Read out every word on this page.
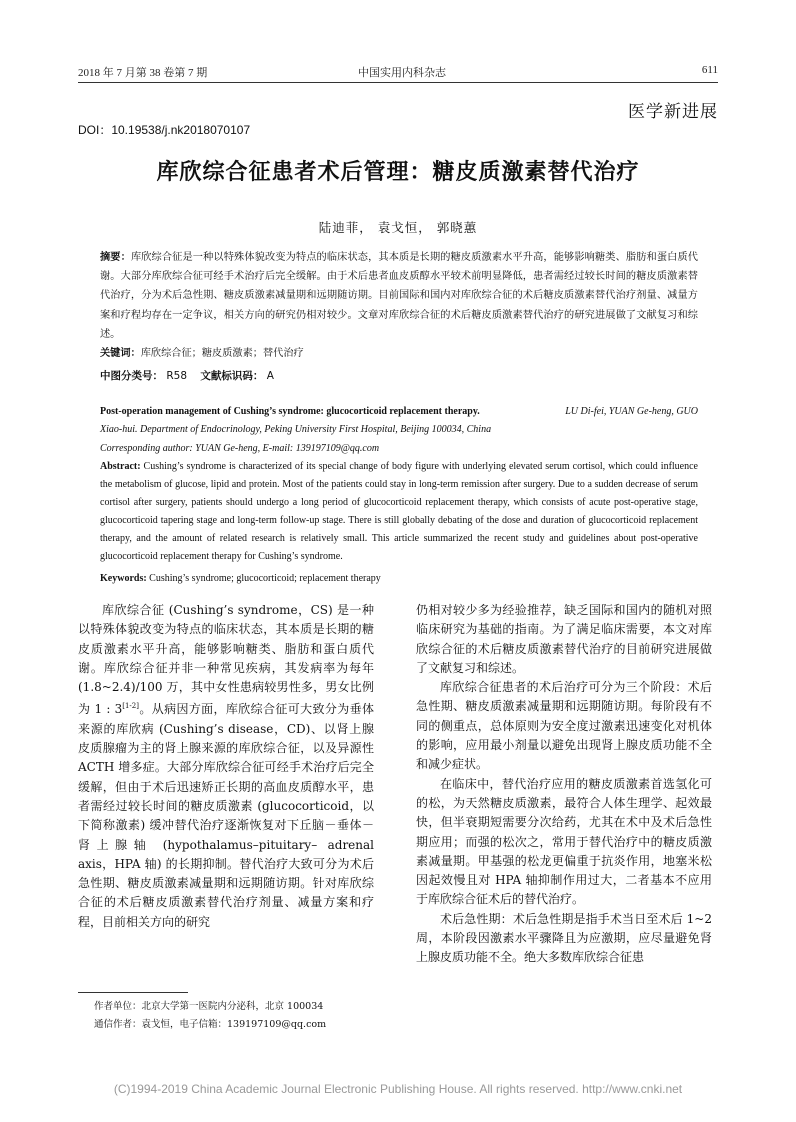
2018 年 7 月第 38 卷第 7 期	中国实用内科杂志	611
医学新进展
DOI：10.19538/j.nk2018070107
库欣综合征患者术后管理：糖皮质激素替代治疗
陆迪菲， 袁戈恒， 郭晓蕙
摘要：库欣综合征是一种以特殊体貌改变为特点的临床状态，其本质是长期的糖皮质激素水平升高，能够影响糖类、脂肪和蛋白质代谢。大部分库欣综合征可经手术治疗后完全缓解。由于术后患者血皮质醇水平较术前明显降低，患者需经过较长时间的糖皮质激素替代治疗，分为术后急性期、糖皮质激素减量期和远期随访期。目前国际和国内对库欣综合征的术后糖皮质激素替代治疗剂量、减量方案和疗程均存在一定争议，相关方向的研究仍相对较少。文章对库欣综合征的术后糖皮质激素替代治疗的研究进展做了文献复习和综述。
关键词：库欣综合征；糖皮质激素；替代治疗
中图分类号： R58 文献标识码： A
LU Di-fei, YUAN Ge-heng, GUO
Post-operation management of Cushing’s syndrome: glucocorticoid replacement therapy.
Xiao-hui. Department of Endocrinology, Peking University First Hospital, Beijing 100034, China
Corresponding author: YUAN Ge-heng, E-mail: 139197109@qq.com
Abstract: Cushing’s syndrome is characterized of its special change of body figure with underlying elevated serum cortisol, which could influence the metabolism of glucose, lipid and protein. Most of the patients could stay in long-term remission after surgery. Due to a sudden decrease of serum cortisol after surgery, patients should undergo a long period of glucocorticoid replacement therapy, which consists of acute post-operative stage, glucocorticoid tapering stage and long-term follow-up stage. There is still globally debating of the dose and duration of glucocorticoid replacement therapy, and the amount of related research is relatively small. This article summarized the recent study and guidelines about post-operative glucocorticoid replacement therapy for Cushing’s syndrome.
Keywords: Cushing’s syndrome; glucocorticoid; replacement therapy

库欣综合征 (Cushing’s syndrome，CS) 是一种以特殊体貌改变为特点的临床状态，其本质是长期的糖皮质激素水平升高，能够影响糖类、脂肪和蛋白质代谢。库欣综合征并非一种常见疾病，其发病率为每年 (1.8~2.4)/100 万，其中女性患病较男性多，男女比例为 1 : 3[1-2]。从病因方面，库欣综合征可大致分为垂体来源的库欣病 (Cushing’s disease，CD)、以肾上腺皮质腺瘤为主的肾上腺来源的库欣综合征，以及异源性 ACTH 增多症。大部分库欣综合征可经手术治疗后完全缓解，但由于术后迅速矫正长期的高血皮质醇水平，患者需经过较长时间的糖皮质激素 (glucocorticoid，以下简称激素) 缓冲替代治疗逐渐恢复对下丘脑－垂体－肾上腺轴 (hypothalamus–pituitary– adrenal axis，HPA 轴) 的长期抑制。替代治疗大致可分为术后急性期、糖皮质激素减量期和远期随访期。针对库欣综合征的术后糖皮质激素替代治疗剂量、减量方案和疗程，目前相关方向的研究

仍相对较少多为经验推荐，缺乏国际和国内的随机对照临床研究为基础的指南。为了满足临床需要，本文对库欣综合征的术后糖皮质激素替代治疗的目前研究进展做了文献复习和综述。

库欣综合征患者的术后治疗可分为三个阶段：术后急性期、糖皮质激素减量期和远期随访期。每阶段有不同的侧重点，总体原则为安全度过激素迅速变化对机体的影响，应用最小剂量以避免出现肾上腺皮质功能不全和减少症状。

在临床中，替代治疗应用的糖皮质激素首选氢化可的松，为天然糖皮质激素，最符合人体生理学、起效最快，但半衰期短需要分次给药，尤其在术中及术后急性期应用；而强的松次之，常用于替代治疗中的糖皮质激素减量期。甲基强的松龙更偏重于抗炎作用，地塞米松因起效慢且对 HPA 轴抑制作用过大，二者基本不应用于库欣综合征术后的替代治疗。

术后急性期：术后急性期是指手术当日至术后 1~2 周，本阶段因激素水平骤降且为应激期，应尽量避免肾上腺皮质功能不全。绝大多数库欣综合征患

作者单位：北京大学第一医院内分泌科，北京 100034
通信作者：袁戈恒，电子信箱：139197109@qq.com
(C)1994-2019 China Academic Journal Electronic Publishing House. All rights reserved. http://www.cnki.net
